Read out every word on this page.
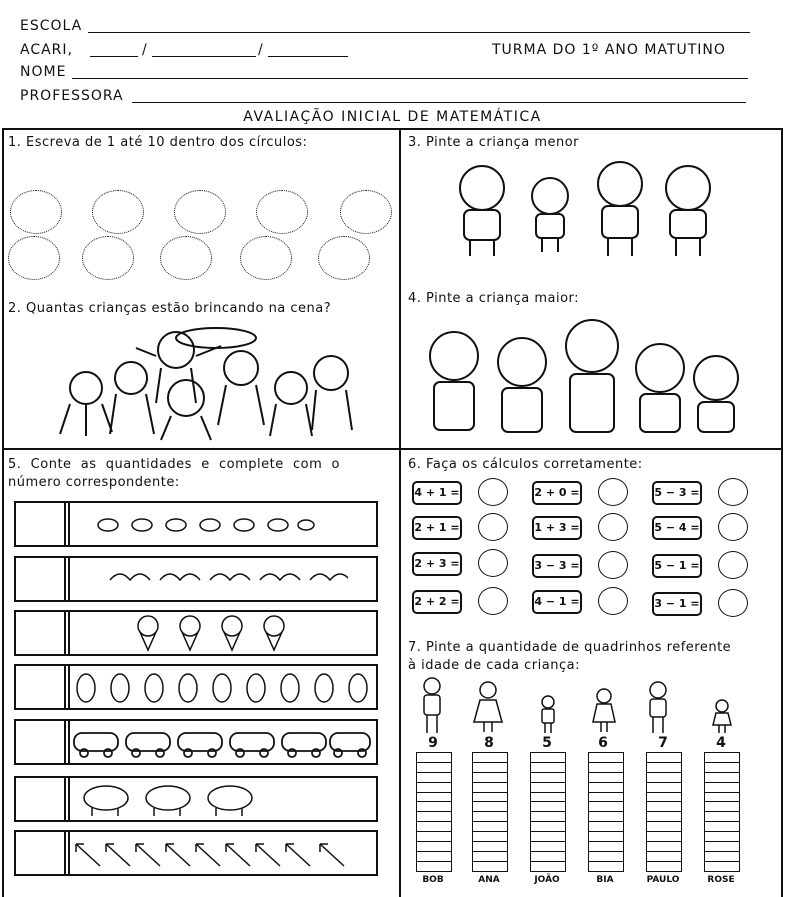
ESCOLA
ACARI,	/	/	TURMA DO 1º ANO MATUTINO
NOME
PROFESSORA
AVALIAÇÃO INICIAL DE MATEMÁTICA
1. Escreva de 1 até 10 dentro dos círculos:
2. Quantas crianças estão brincando na cena?
3. Pinte a criança menor
4. Pinte a criança maior:
5.  Conte  as  quantidades  e  complete  com  o
número correspondente:
6. Faça os cálculos corretamente:
4 + 1 =	2 + 0 =	5 − 3 =
2 + 1 =	1 + 3 =	5 − 4 =
2 + 3 =	3 − 3 =	5 − 1 =
2 + 2 =	4 − 1 =	3 − 1 =
7. Pinte a quantidade de quadrinhos referente
à idade de cada criança:
9	8	5	6	7	4
BOB	ANA	JOÃO	BIA	PAULO	ROSE
